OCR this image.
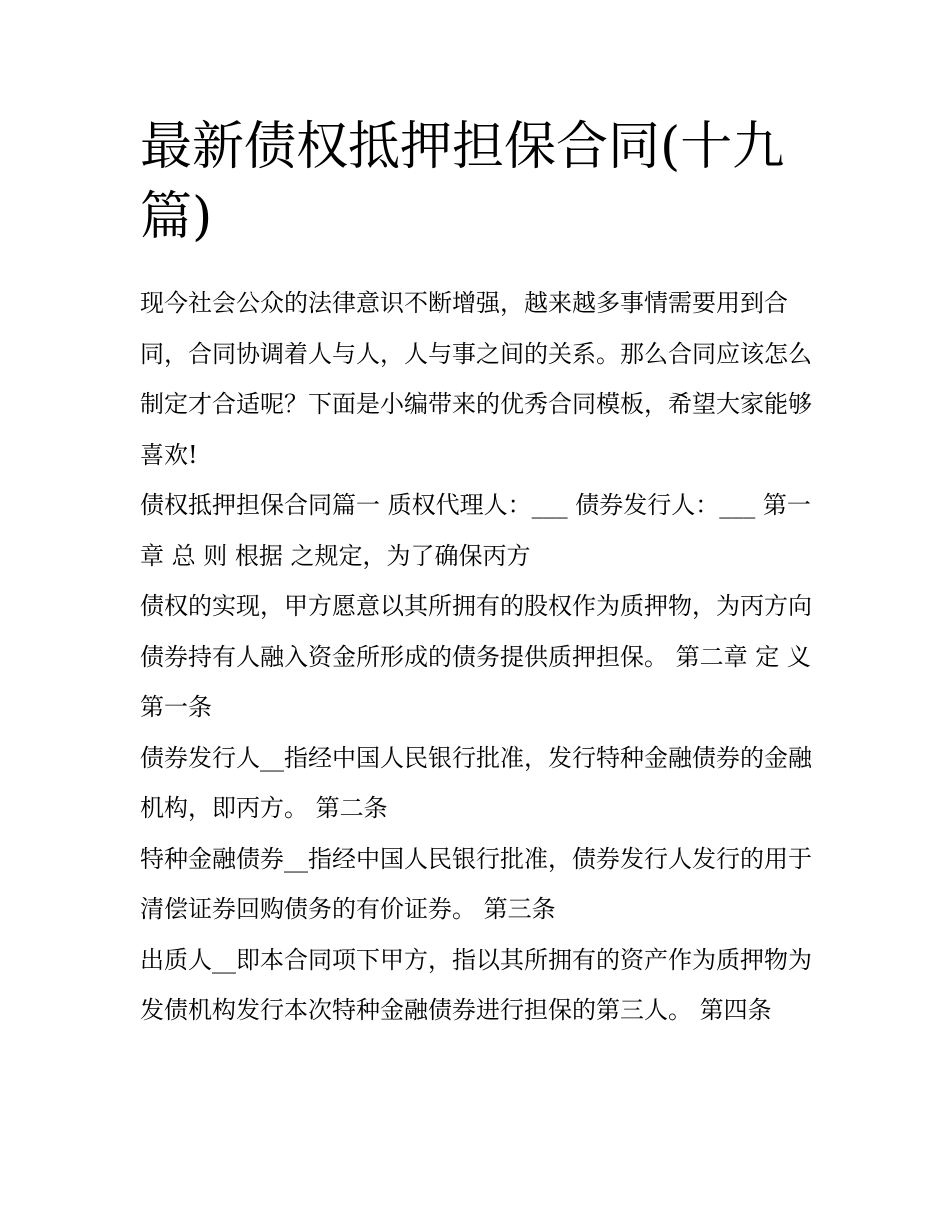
最新债权抵押担保合同(十九篇)

现今社会公众的法律意识不断增强，越来越多事情需要用到合同，合同协调着人与人，人与事之间的关系。那么合同应该怎么制定才合适呢？下面是小编带来的优秀合同模板，希望大家能够喜欢!

债权抵押担保合同篇一 质权代理人：___ 债券发行人：___ 第一章 总 则 根据 之规定，为了确保丙方

债权的实现，甲方愿意以其所拥有的股权作为质押物，为丙方向债券持有人融入资金所形成的债务提供质押担保。 第二章 定 义 第一条

债券发行人__指经中国人民银行批准，发行特种金融债券的金融机构，即丙方。 第二条

特种金融债券__指经中国人民银行批准，债券发行人发行的用于清偿证券回购债务的有价证券。 第三条

出质人__即本合同项下甲方，指以其所拥有的资产作为质押物为发债机构发行本次特种金融债券进行担保的第三人。 第四条
